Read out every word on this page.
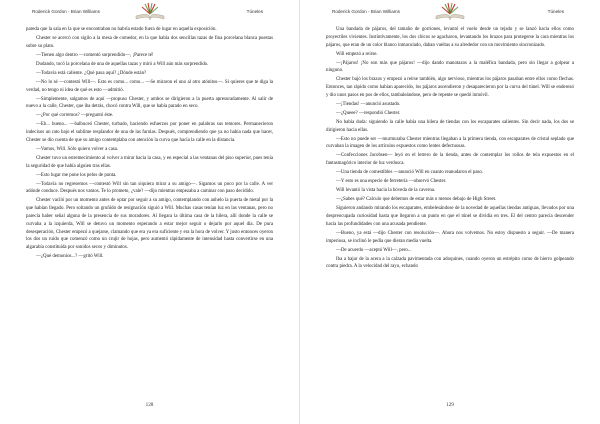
Roderick Gordon - Brian Williams	Túneles

pareda que la sala en la que se encontraban no habría estado fuera de lugar en aquella exposición.

Chester se acercó con sigilo a la mesa de comedor, en la que había dos sencillas tazas de fina porcelana blanca puestas sobre su plato.

—Tienen algo dentro —comentó sorprendido—, ¡Parece té!

Dudando, tocó la porcelana de una de aquellas tazas y miró a Will aún más sorprendido.

—Todavía está caliente. ¿Qué pasa aquí? ¿Dónde están?

—No lo sé —contestó Will—. Esto es como... como... —Se miraron el uno al otro atónitos—. Si quieres que te diga la verdad, no tengo ni idea de qué es esto —admitió.

—Simplemente, salgamos de aquí —propuso Chester, y ambos se dirigieron a la puerta apresuradamente. Al salir de nuevo a la calle, Chester, que iba detrás, chocó contra Will, que se había parado en seco.

—¿Por qué corremos? —preguntó éste.

—Eh... bueno... —balbuceó Chester, turbado, haciendo esfuerzos por poner en palabras sus temores. Permanecieron indecisos un rato bajo el sublime resplandor de una de las farolas. Después, comprendiendo que ya no había nada que hacer, Chester se dio cuenta de que su amigo contemplaba con atención la curva que hacía la calle en la distancia.

—Vamos, Will. Sólo quiero volver a casa.

Chester tuvo un estremecimiento al volver a mirar hacia la casa, y en especial a las ventanas del piso superior, pues tenía la seguridad de que había alguien tras ellas.

—Esto lugar me pone los pelos de punta.

—Todavía no regresemos —contestó Will sin tan siquiera mirar a su amigo—. Sigamos un poco por la calle. A ver adónde conduce. Después nos vamos. Te lo prometo, ¿vale? —dijo mientras empezaba a caminar con paso decidido.

Chester vaciló por un momento antes de optar por seguir a su amigo, contemplando con anhelo la puerta de metal por la que habían llegado. Pero soltando un gruñido de resignación siguió a Will. Muchas casas tenían luz en las ventanas, pero no parecía haber señal alguna de la presencia de sus moradores. Al llegara la última casa de la hilera, allí donde la calle se curvaba a la izquierda, Will se detuvo un momento esperando a estar mejor seguir o dejarlo por aquel día. De pura desesperación, Chester empezó a quejarse, clamando que era ya era suficiente y era la hora de volver. Y justo entonces oyeron los dos un ruido que comenzó como un crujir de hojas, pero aumentó rápidamente de intensidad hasta convertirse en una algarabía constituida por sonidos secos y diminutos.

—¿Qué demonios...? —gritó Will.

128
Roderick Gordon - Brian Williams	Túneles

Una bandada de pájaros, del tamaño de gorriones, levantó el vuelo desde un tejado y se lanzó hacia ellos como proyectiles vivientes. Instintivamente, los dos chicos se agacharon, levantando los brazos para protegerse la cara mientras los pájaros, que eran de un color blanco inmaculado, daban vueltas a su alrededor con un movimiento sincronizado.

Will empezó a reírse.

—¡Pájaros! ¡No son más que pájaros! —dijo dando manotazos a la maléfica bandada, pero sin llegar a golpear a ninguno.

Chester bajó los brazos y empezó a reírse también, algo nervioso, mientras los pájaros pasaban entre ellos como flechas. Entonces, tan rápido como habían aparecido, los pájaros ascendieron y desaparecieron por la curva del túnel. Will se enderezó y dio unos pasos en pos de ellos, tambaleándose, pero de repente se quedó inmóvil.

—¡Tiendas! —anunció asustado.

—¿Queee? —respondió Chester.

No había duda: siguiendo la calle había una hilera de tiendas con los escaparates salientes. Sin decir nada, los dos se dirigieron hacia ellas.

—Esto no puede ser —murmuraba Chester mientras llegaban a la primera tienda, con escaparates de cristal seplado que curvaban la imagen de los artículos expuestos como lentes defectuosas.

—Confecciones Jacobsen— leyó en el letrero de la tienda, antes de contemplar los rollos de tela expuestos en el fantasmagórico interior de luz verdusca.

—Una tienda de comestibles —anunció Will en cuanto reanudaron el paso.

—Y esto es una especie de ferretería —observó Chester.

Will levantó la vista hacia la bóveda de la caverna.

—¿Sabes qué? Calculo que debemos de estar más o menos debajo de High Street.

Siguieron andando mirando los escaparates, embelesándose de la novedad de aquellas tiendas antiguas, llevados por una despreocupada curiosidad hasta que llegaron a un punto en que el túnel se dividía en tres. El del centro parecía descender hacia las profundidades con una acusada pendiente.

—Bueno, ya está —dijo Chester con resolución—. Ahora nos volvemos. No estoy dispuesto a seguir. —De manera imperiosa, se inclinó le pedía que dieran media vuelta.

—De acuerdo —aceptó Will—, pero...

Iba a bajar de la acera a la calzada pavimentada con adoquines, cuando oyeron un estrépito como de hierro golpeando contra piedra. A la velocidad del rayo, echando

129
